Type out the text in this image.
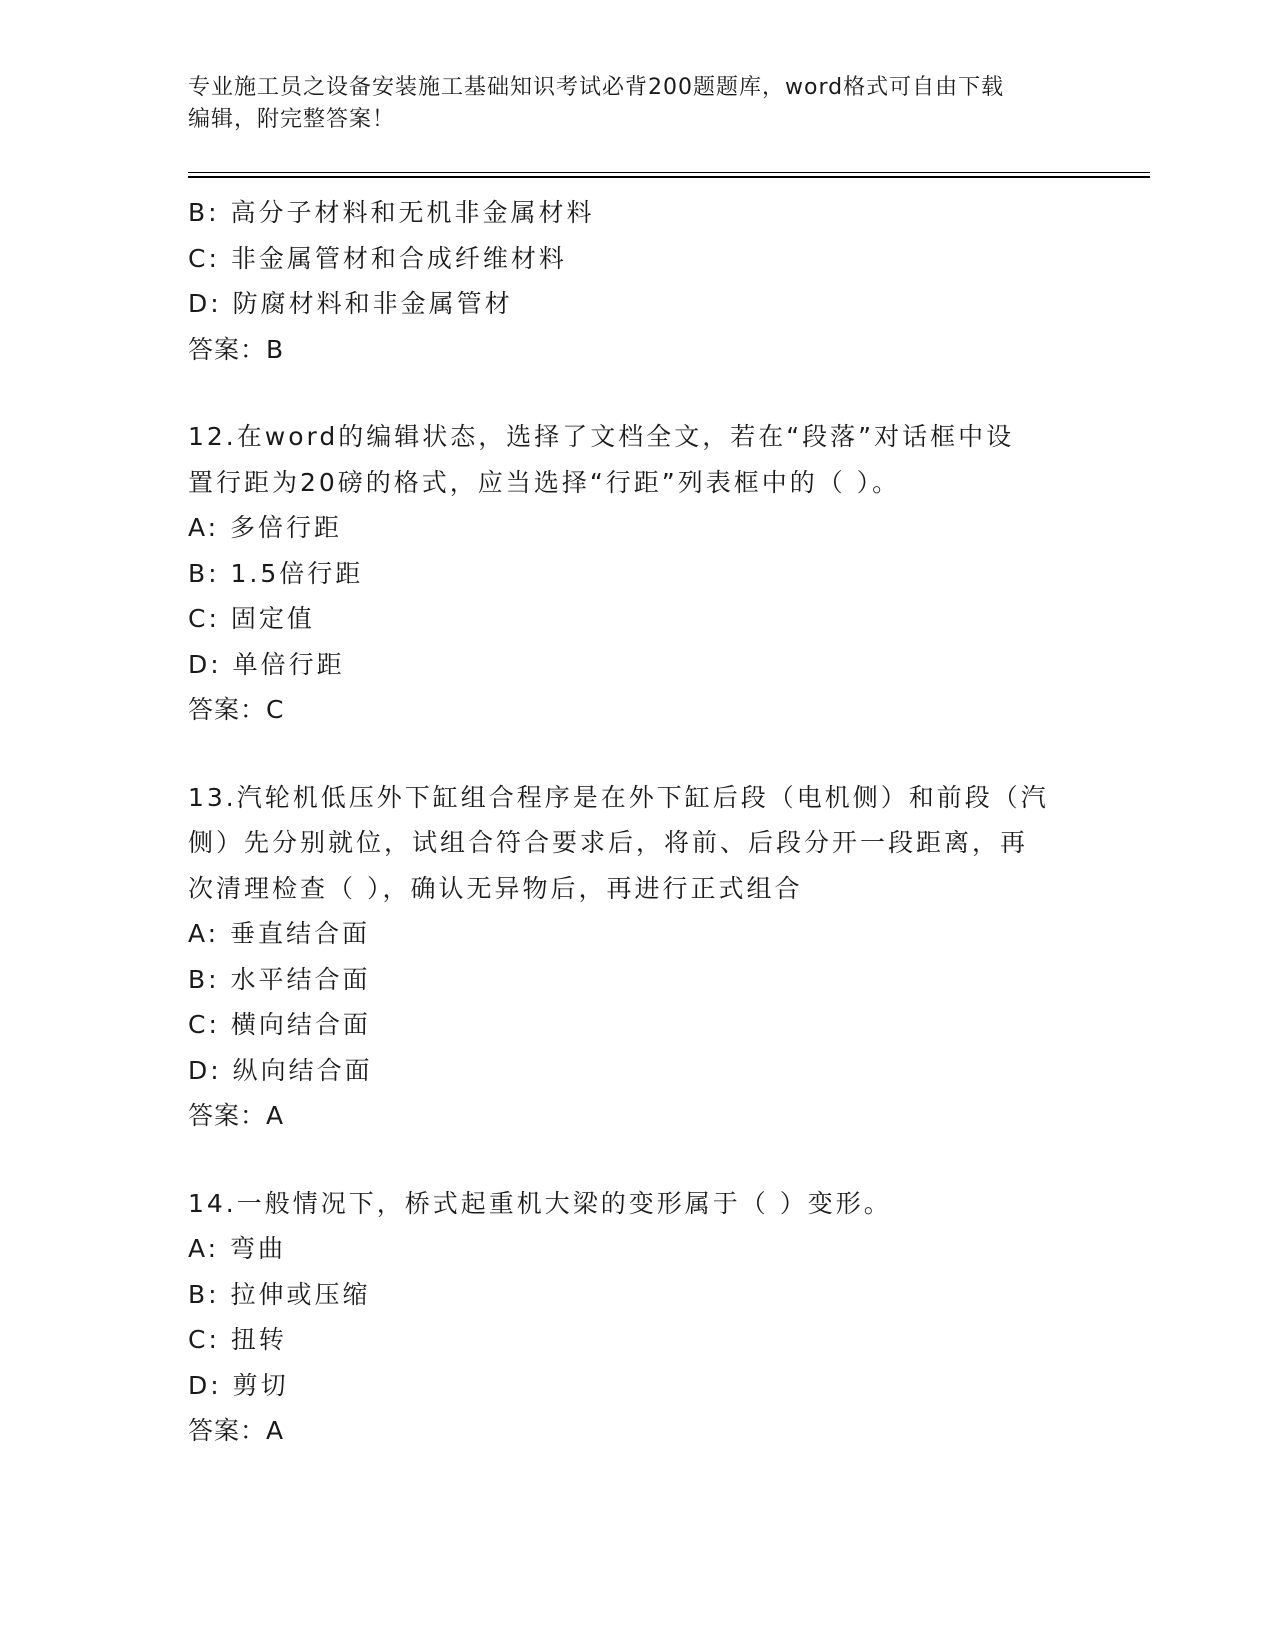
专业施工员之设备安装施工基础知识考试必背200题题库，word格式可自由下载
编辑，附完整答案！
B: 高分子材料和无机非金属材料
C: 非金属管材和合成纤维材料
D: 防腐材料和非金属管材
答案：B
12.在word的编辑状态，选择了文档全文，若在“段落”对话框中设
置行距为20磅的格式，应当选择“行距”列表框中的（ ）。
A: 多倍行距
B: 1.5倍行距
C: 固定值
D: 单倍行距
答案：C
13.汽轮机低压外下缸组合程序是在外下缸后段（电机侧）和前段（汽
侧）先分别就位，试组合符合要求后，将前、后段分开一段距离，再
次清理检查（ ），确认无异物后，再进行正式组合
A: 垂直结合面
B: 水平结合面
C: 横向结合面
D: 纵向结合面
答案：A
14.一般情况下，桥式起重机大梁的变形属于（ ）变形。
A: 弯曲
B: 拉伸或压缩
C: 扭转
D: 剪切
答案：A
